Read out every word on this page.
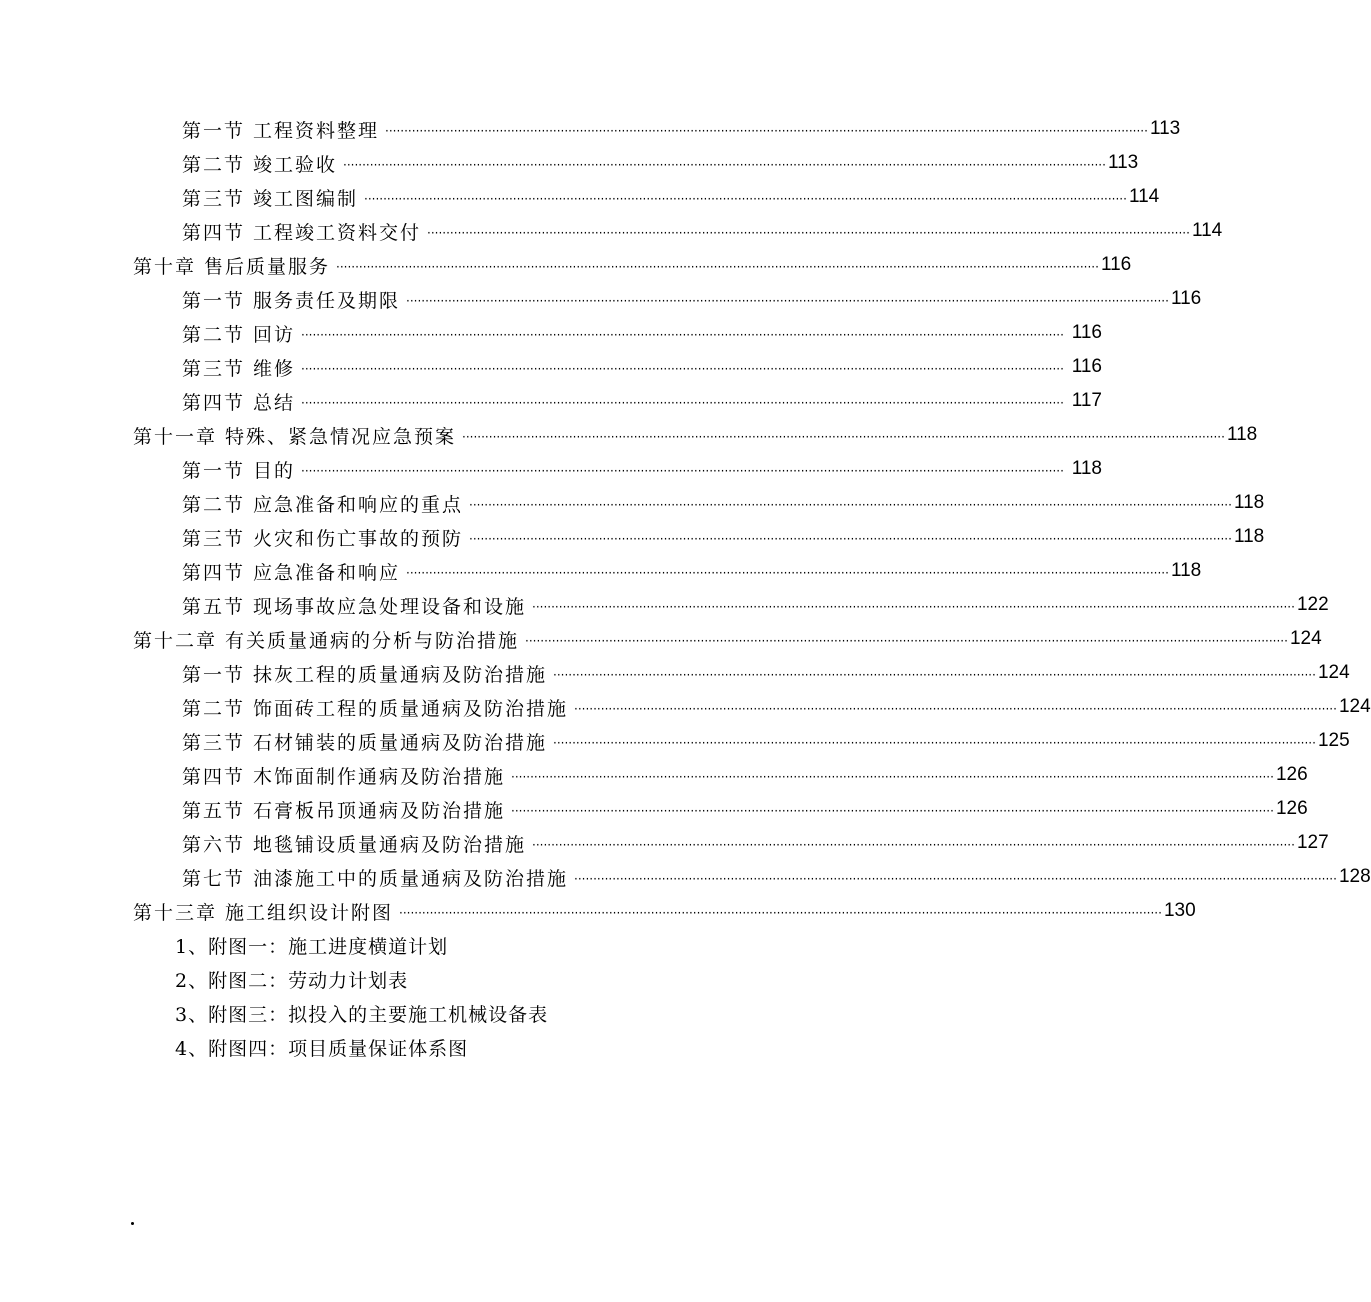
第一节 工程资料整理 ········································································································································································································ 113
第二节 竣工验收 ········································································································································································································ 113
第三节 竣工图编制 ········································································································································································································ 114
第四节 工程竣工资料交付 ········································································································································································································ 114
第十章 售后质量服务 ········································································································································································································ 116
第一节 服务责任及期限 ········································································································································································································ 116
第二节 回访 ········································································································································································································ 116
第三节 维修 ········································································································································································································ 116
第四节 总结 ········································································································································································································ 117
第十一章 特殊、紧急情况应急预案 ········································································································································································································ 118
第一节 目的 ········································································································································································································ 118
第二节 应急准备和响应的重点 ········································································································································································································ 118
第三节 火灾和伤亡事故的预防 ········································································································································································································ 118
第四节 应急准备和响应 ········································································································································································································ 118
第五节 现场事故应急处理设备和设施 ········································································································································································································ 122
第十二章 有关质量通病的分析与防治措施 ········································································································································································································ 124
第一节 抹灰工程的质量通病及防治措施 ········································································································································································································ 124
第二节 饰面砖工程的质量通病及防治措施 ········································································································································································································ 124
第三节 石材铺装的质量通病及防治措施 ········································································································································································································ 125
第四节 木饰面制作通病及防治措施 ········································································································································································································ 126
第五节 石膏板吊顶通病及防治措施 ········································································································································································································ 126
第六节 地毯铺设质量通病及防治措施 ········································································································································································································ 127
第七节 油漆施工中的质量通病及防治措施 ········································································································································································································ 128
第十三章 施工组织设计附图 ········································································································································································································ 130
1、附图一：施工进度横道计划
2、附图二：劳动力计划表
3、附图三：拟投入的主要施工机械设备表
4、附图四：项目质量保证体系图
